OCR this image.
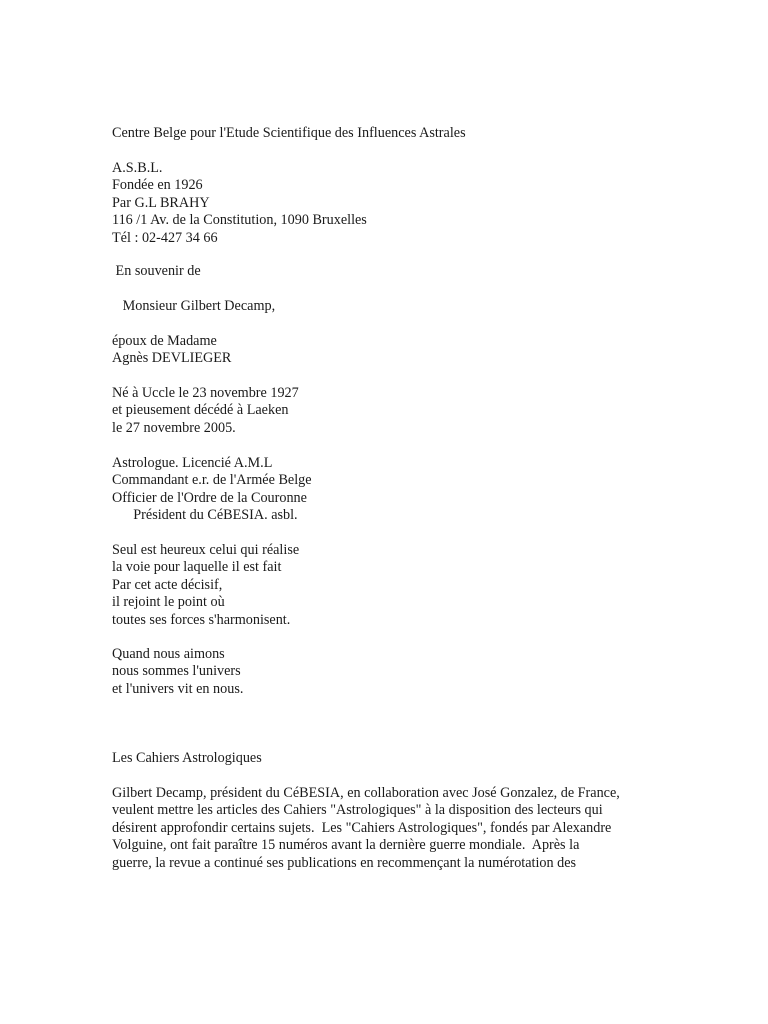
Centre Belge pour l'Etude Scientifique des Influences Astrales
A.S.B.L.
Fondée en 1926
Par G.L BRAHY
116 /1 Av. de la Constitution, 1090 Bruxelles
Tél : 02-427 34 66
En souvenir de
Monsieur Gilbert Decamp,
époux de Madame
Agnès DEVLIEGER
Né à Uccle le 23 novembre 1927
et pieusement décédé à Laeken
le 27 novembre 2005.
Astrologue. Licencié A.M.L
Commandant e.r. de l'Armée Belge
Officier de l'Ordre de la Couronne
Président du CéBESIA. asbl.
Seul est heureux celui qui réalise
la voie pour laquelle il est fait
Par cet acte décisif,
il rejoint le point où
toutes ses forces s'harmonisent.
Quand nous aimons
nous sommes l'univers
et l'univers vit en nous.
Les Cahiers Astrologiques
Gilbert Decamp, président du CéBESIA, en collaboration avec José Gonzalez, de France,
veulent mettre les articles des Cahiers "Astrologiques" à la disposition des lecteurs qui
désirent approfondir certains sujets.  Les "Cahiers Astrologiques", fondés par Alexandre
Volguine, ont fait paraître 15 numéros avant la dernière guerre mondiale.  Après la
guerre, la revue a continué ses publications en recommençant la numérotation des
